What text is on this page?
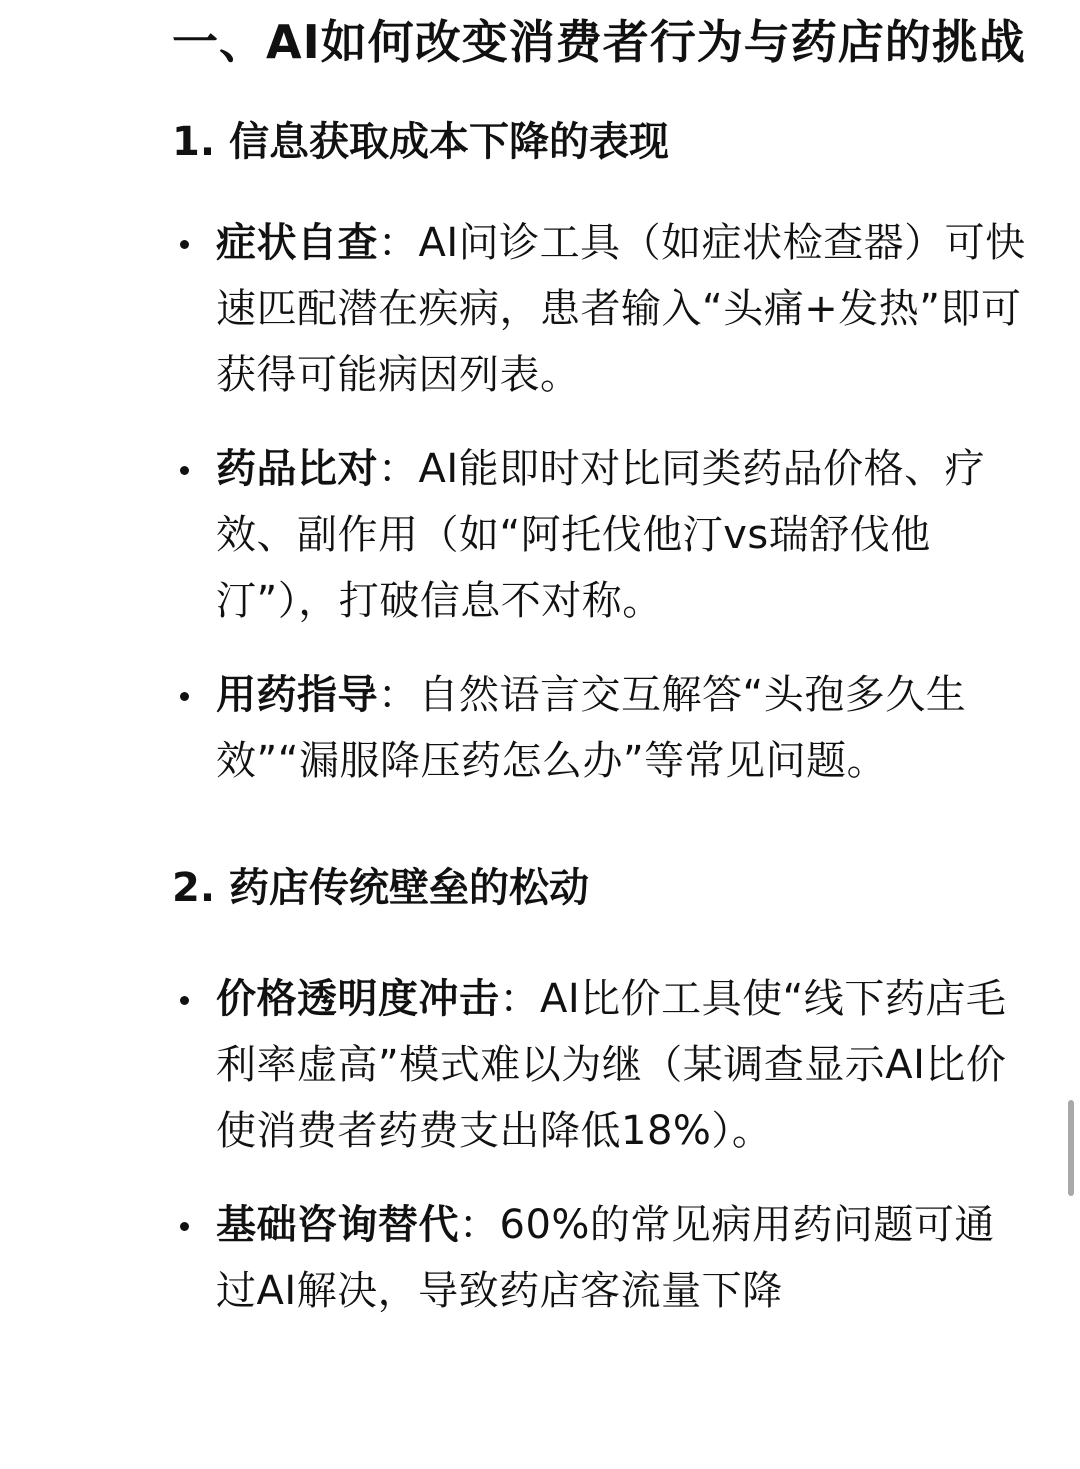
一、AI如何改变消费者行为与药店的挑战
1. 信息获取成本下降的表现
症状自查：AI问诊工具（如症状检查器）可快速匹配潜在疾病，患者输入“头痛+发热”即可获得可能病因列表。
药品比对：AI能即时对比同类药品价格、疗效、副作用（如“阿托伐他汀vs瑞舒伐他汀”），打破信息不对称。
用药指导：自然语言交互解答“头孢多久生效”“漏服降压药怎么办”等常见问题。
2. 药店传统壁垒的松动
价格透明度冲击：AI比价工具使“线下药店毛利率虚高”模式难以为继（某调查显示AI比价使消费者药费支出降低18%）。
基础咨询替代：60%的常见病用药问题可通过AI解决，导致药店客流量下降
